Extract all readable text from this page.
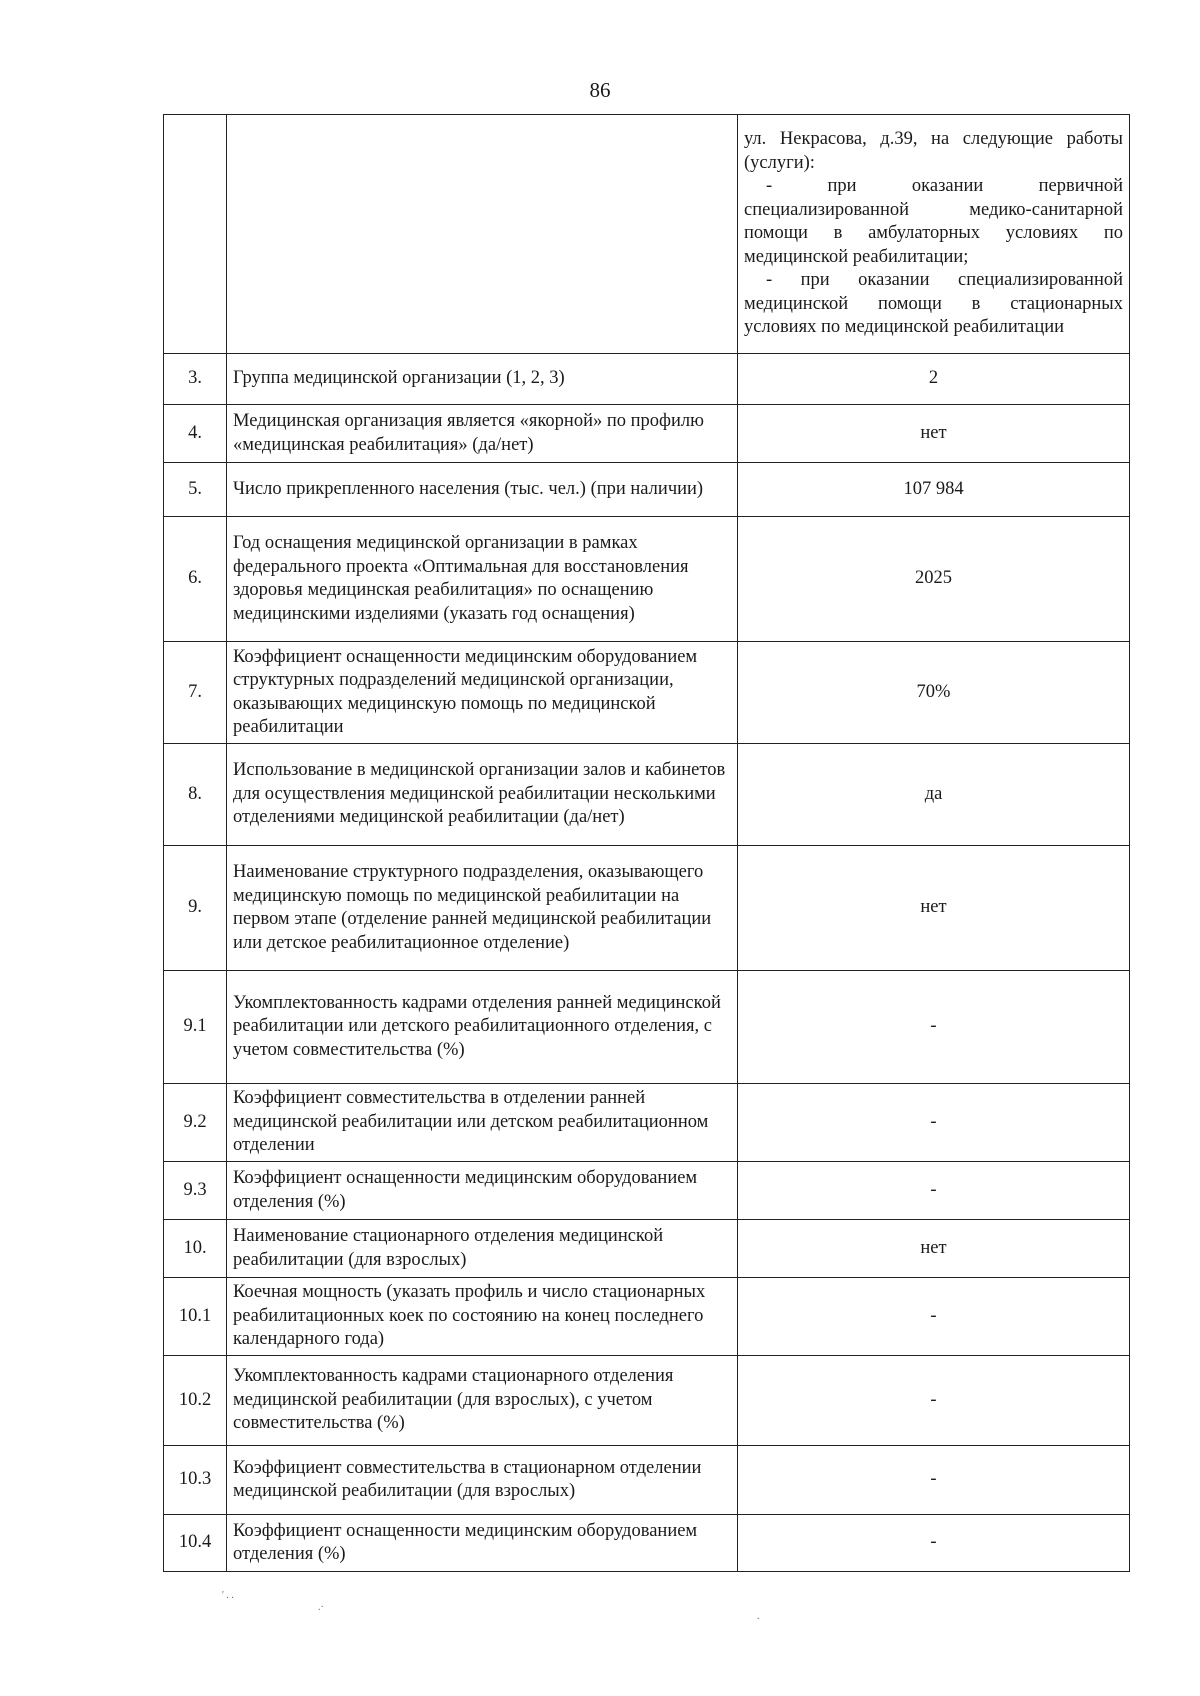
86

		ул. Некрасова, д.39, на следующие работы (услуги):
- при оказании первичной специализированной медико-санитарной помощи в амбулаторных условиях по медицинской реабилитации;
- при оказании специализированной медицинской помощи в стационарных условиях по медицинской реабилитации

3.	Группа медицинской организации (1, 2, 3)	2
4.	Медицинская организация является «якорной» по профилю «медицинская реабилитация» (да/нет)	нет
5.	Число прикрепленного населения (тыс. чел.) (при наличии)	107 984
6.	Год оснащения медицинской организации в рамках федерального проекта «Оптимальная для восстановления здоровья медицинская реабилитация» по оснащению медицинскими изделиями (указать год оснащения)	2025
7.	Коэффициент оснащенности медицинским оборудованием структурных подразделений медицинской организации, оказывающих медицинскую помощь по медицинской реабилитации	70%
8.	Использование в медицинской организации залов и кабинетов для осуществления медицинской реабилитации несколькими отделениями медицинской реабилитации (да/нет)	да
9.	Наименование структурного подразделения, оказывающего медицинскую помощь по медицинской реабилитации на первом этапе (отделение ранней медицинской реабилитации или детское реабилитационное отделение)	нет
9.1	Укомплектованность кадрами отделения ранней медицинской реабилитации или детского реабилитационного отделения, с учетом совместительства (%)	-
9.2	Коэффициент совместительства в отделении ранней медицинской реабилитации или детском реабилитационном отделении	-
9.3	Коэффициент оснащенности медицинским оборудованием отделения (%)	-
10.	Наименование стационарного отделения медицинской реабилитации (для взрослых)	нет
10.1	Коечная мощность (указать профиль и число стационарных реабилитационных коек по состоянию на конец последнего календарного года)	-
10.2	Укомплектованность кадрами стационарного отделения медицинской реабилитации (для взрослых), с учетом совместительства (%)	-
10.3	Коэффициент совместительства в стационарном отделении медицинской реабилитации (для взрослых)	-
10.4	Коэффициент оснащенности медицинским оборудованием отделения (%)	-
' . .
.·
.
